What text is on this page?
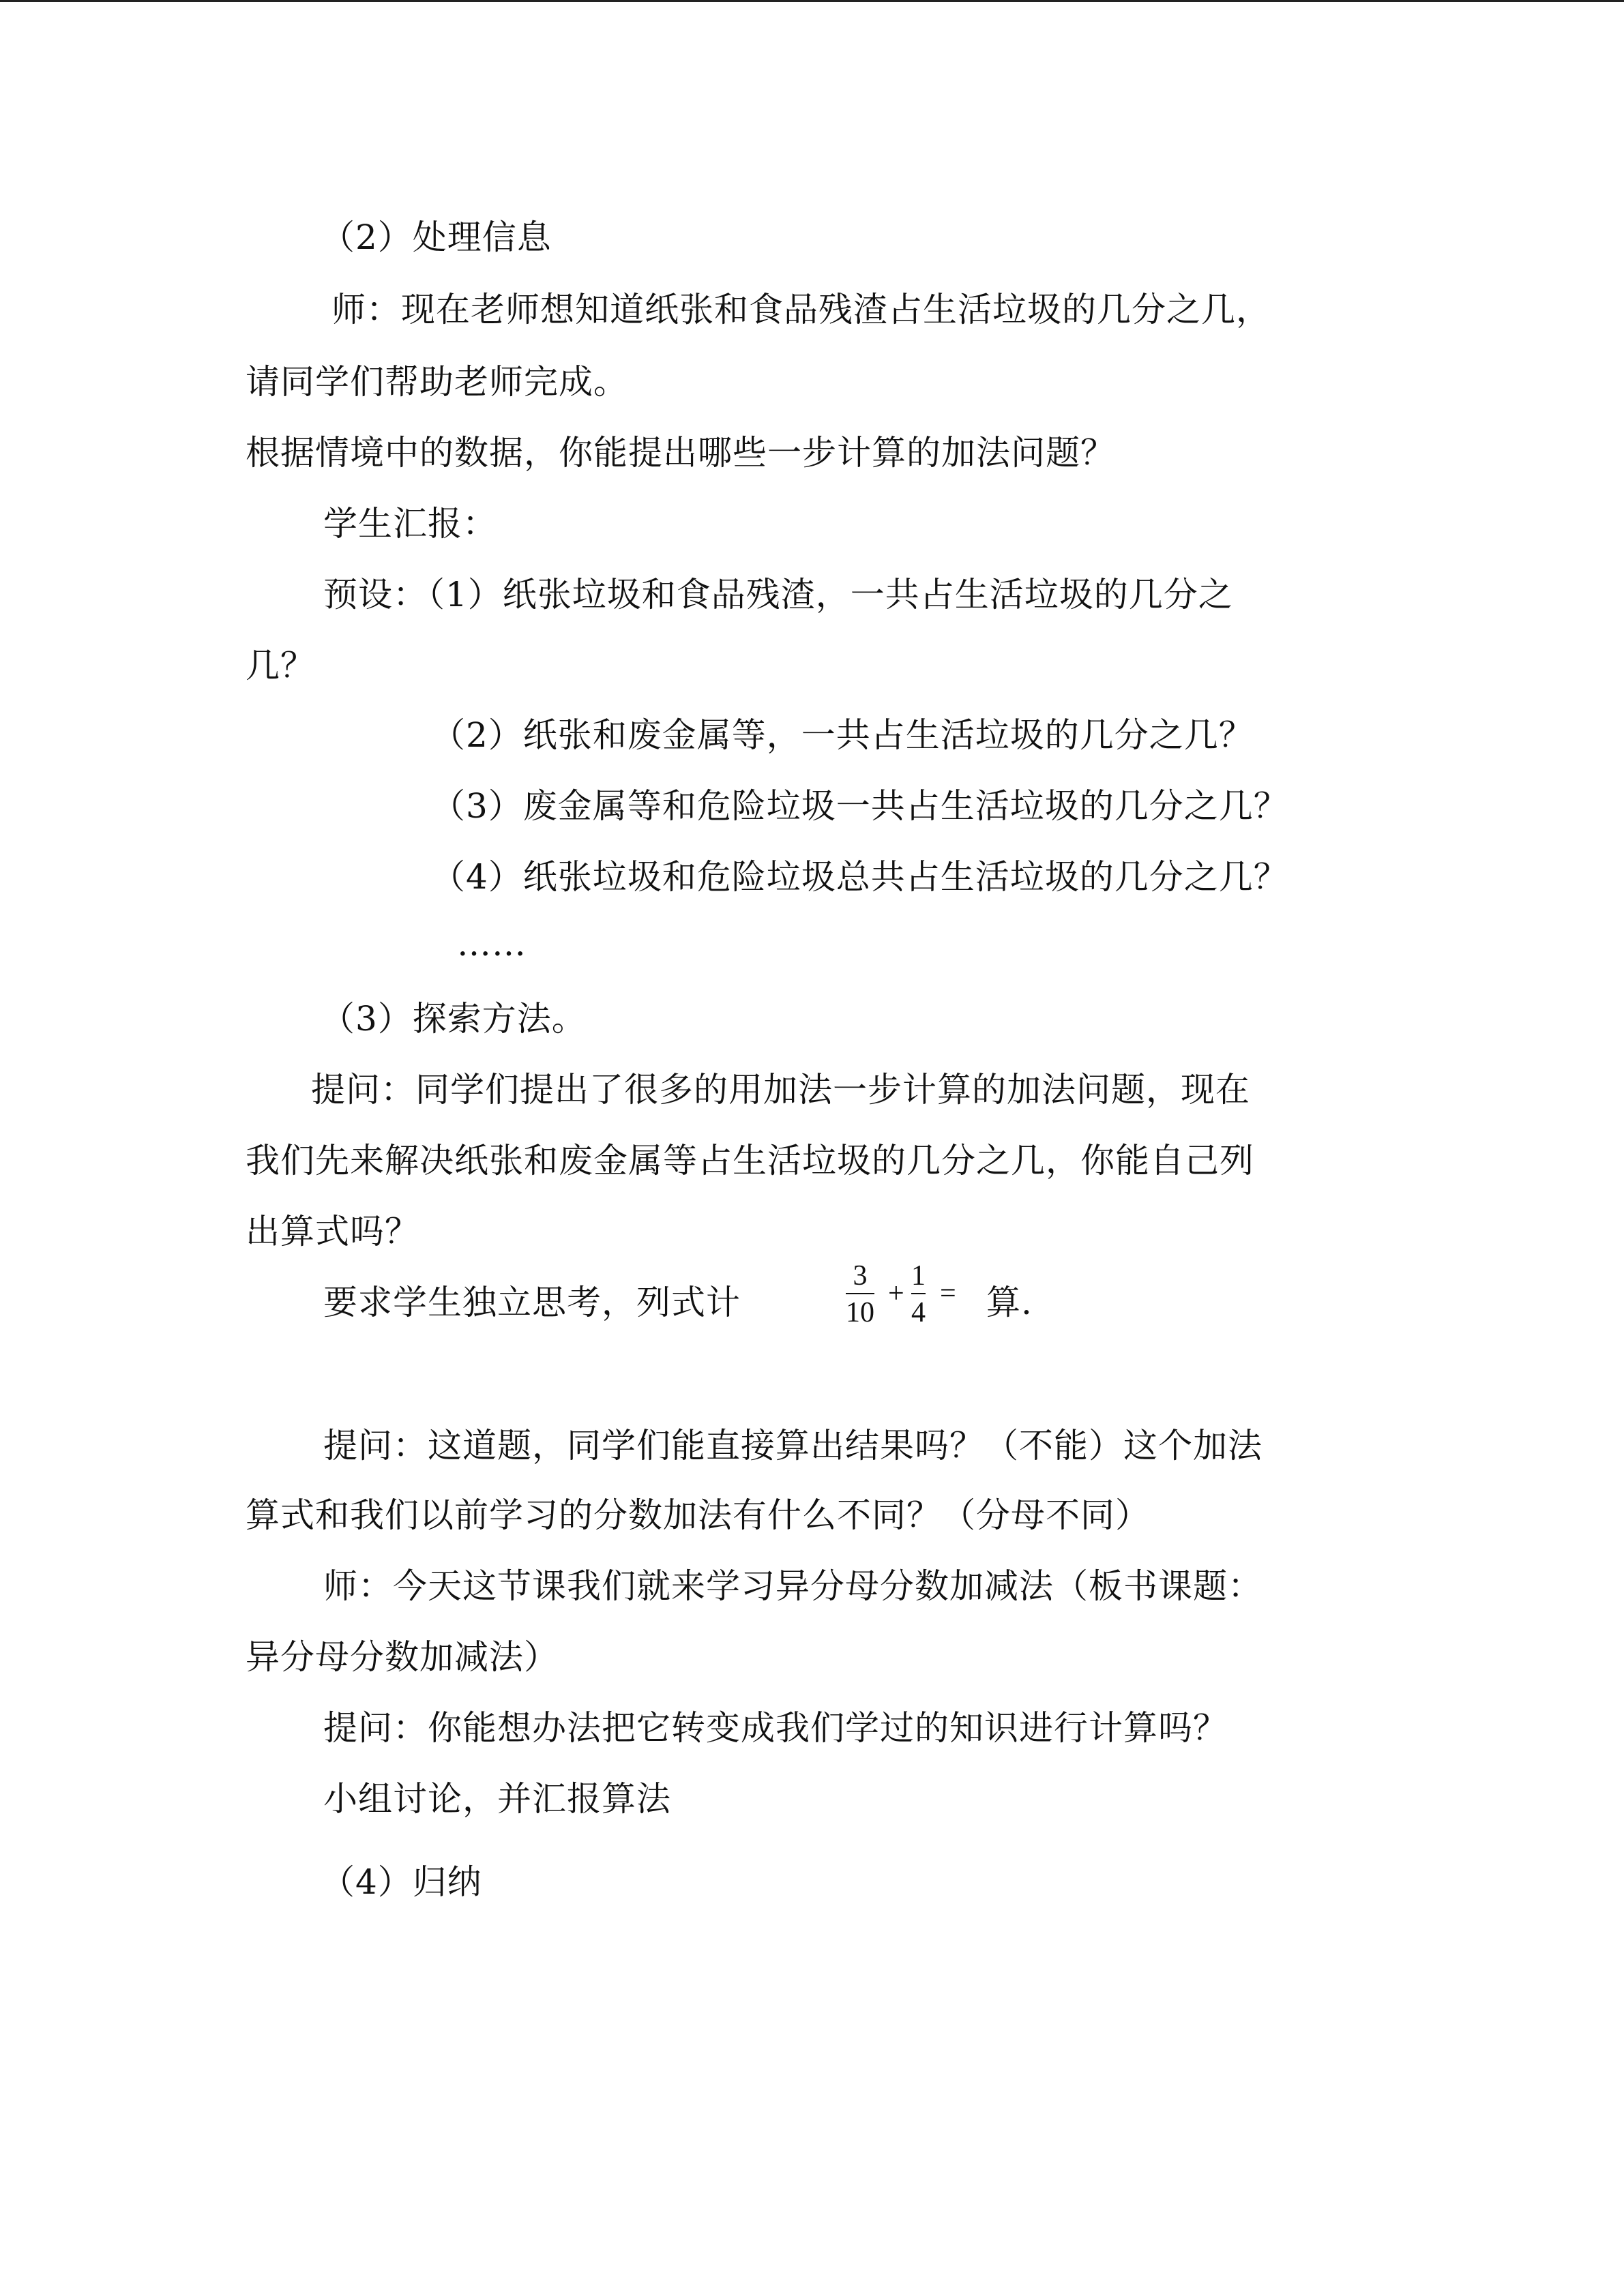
（2）处理信息
师：现在老师想知道纸张和食品残渣占生活垃圾的几分之几，
请同学们帮助老师完成。
根据情境中的数据，你能提出哪些一步计算的加法问题？
学生汇报：
预设：（1）纸张垃圾和食品残渣，一共占生活垃圾的几分之
几？
（2）纸张和废金属等，一共占生活垃圾的几分之几？
（3）废金属等和危险垃圾一共占生活垃圾的几分之几？
（4）纸张垃圾和危险垃圾总共占生活垃圾的几分之几？
……
（3）探索方法。
提问：同学们提出了很多的用加法一步计算的加法问题，现在
我们先来解决纸张和废金属等占生活垃圾的几分之几，你能自己列
出算式吗？
要求学生独立思考，列式计
3
10
+
1
4
= 算.
提问：这道题，同学们能直接算出结果吗？（不能）这个加法
算式和我们以前学习的分数加法有什么不同？（分母不同）
师：今天这节课我们就来学习异分母分数加减法（板书课题：
异分母分数加减法）
提问：你能想办法把它转变成我们学过的知识进行计算吗？
小组讨论，并汇报算法
（4）归纳
